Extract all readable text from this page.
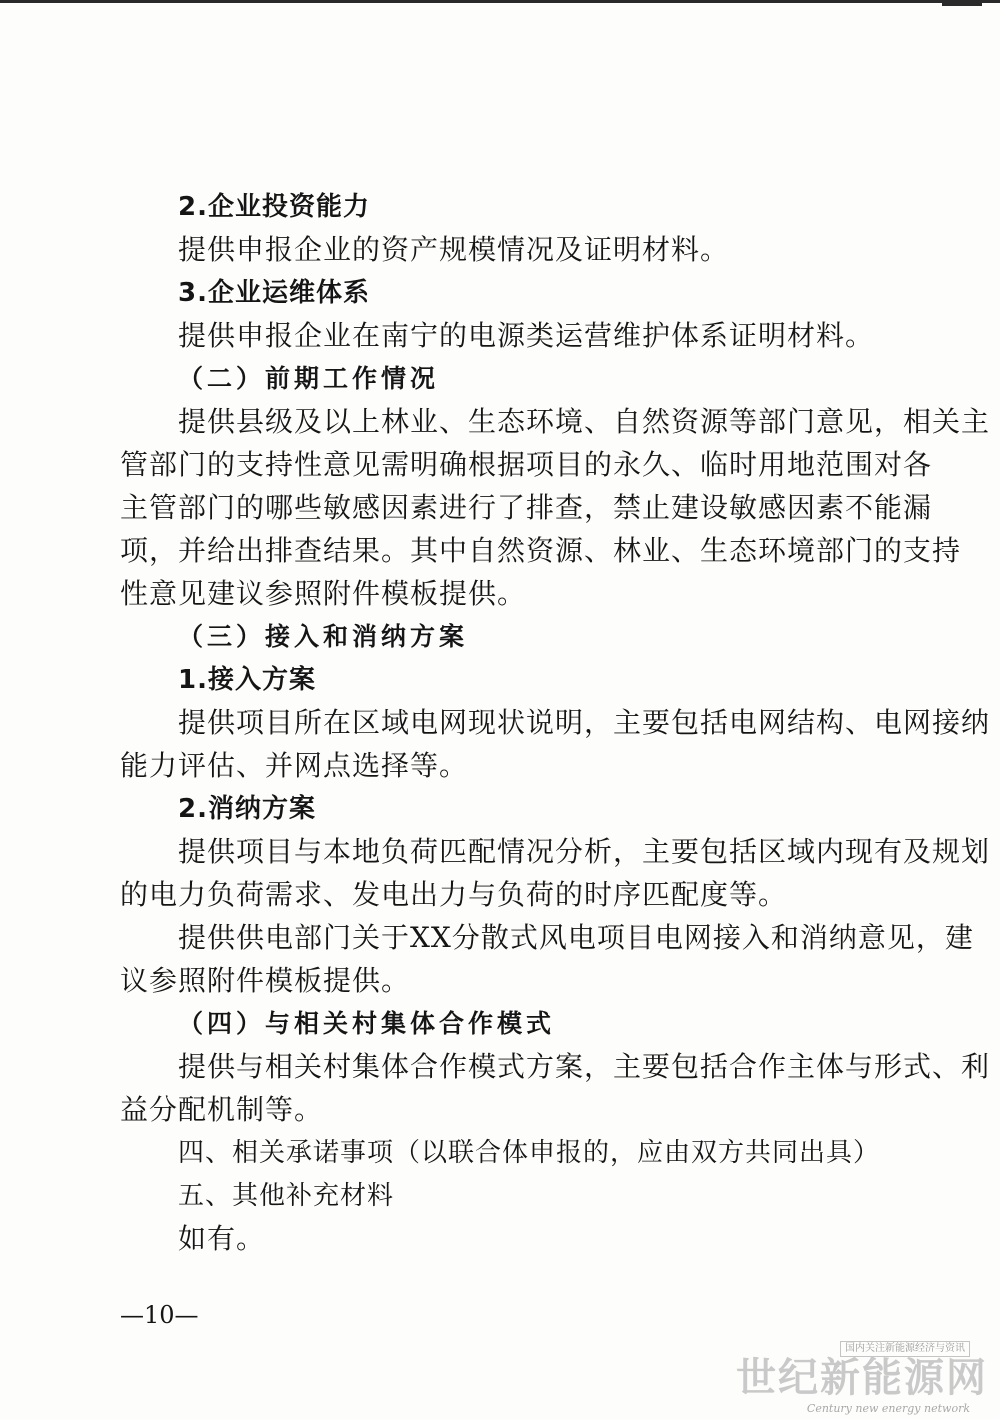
2.企业投资能力

提供申报企业的资产规模情况及证明材料。

3.企业运维体系

提供申报企业在南宁的电源类运营维护体系证明材料。

（二）前期工作情况

提供县级及以上林业、生态环境、自然资源等部门意见，相关主

管部门的支持性意见需明确根据项目的永久、临时用地范围对各

主管部门的哪些敏感因素进行了排查，禁止建设敏感因素不能漏

项，并给出排查结果。其中自然资源、林业、生态环境部门的支持

性意见建议参照附件模板提供。

（三）接入和消纳方案

1.接入方案

提供项目所在区域电网现状说明，主要包括电网结构、电网接纳

能力评估、并网点选择等。

2.消纳方案

提供项目与本地负荷匹配情况分析，主要包括区域内现有及规划

的电力负荷需求、发电出力与负荷的时序匹配度等。

提供供电部门关于XX分散式风电项目电网接入和消纳意见，建

议参照附件模板提供。

（四）与相关村集体合作模式

提供与相关村集体合作模式方案，主要包括合作主体与形式、利

益分配机制等。

四、相关承诺事项（以联合体申报的，应由双方共同出具）

五、其他补充材料

如有。

—10—

国内关注新能源经济与资讯

世纪新能源网

Century new energy network
